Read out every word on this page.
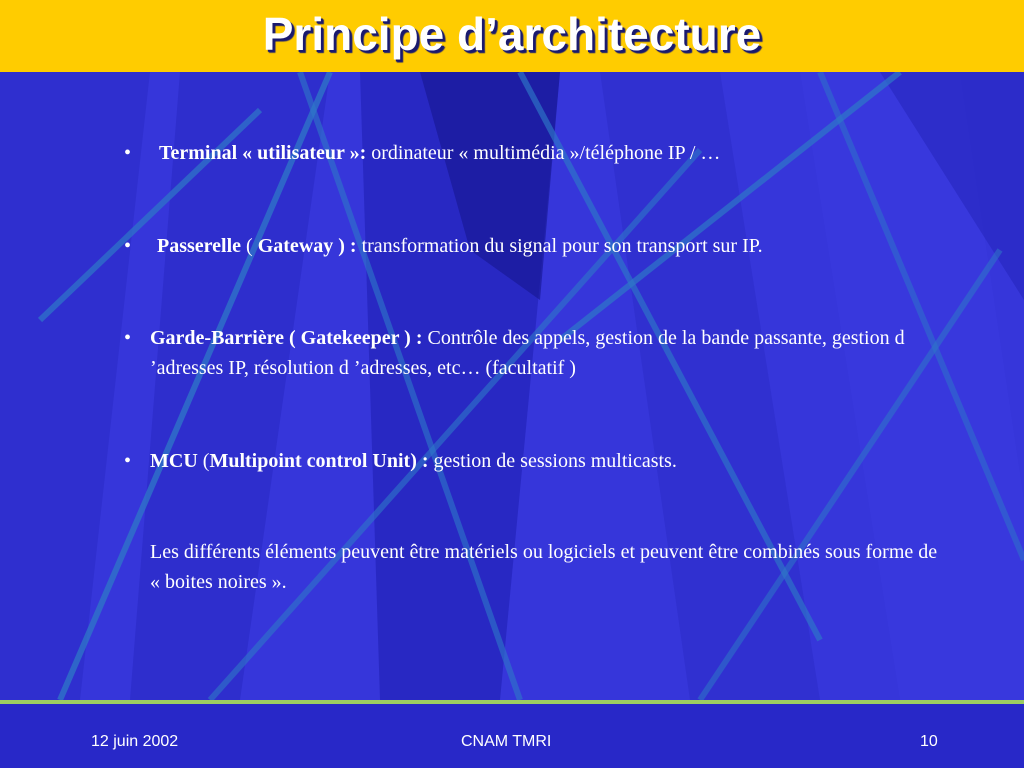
Principe d’architecture
•	Terminal « utilisateur »: ordinateur « multimédia »/téléphone IP / …
•	Passerelle ( Gateway ) : transformation du signal pour son transport sur IP.
• Garde-Barrière ( Gatekeeper ) : Contrôle des appels, gestion de la bande passante, gestion d ’adresses IP, résolution d ’adresses, etc… (facultatif )
• MCU (Multipoint control Unit) : gestion de sessions multicasts.
Les différents éléments peuvent être matériels ou logiciels et peuvent être combinés sous forme de « boites noires ».
12 juin 2002	CNAM TMRI	10
